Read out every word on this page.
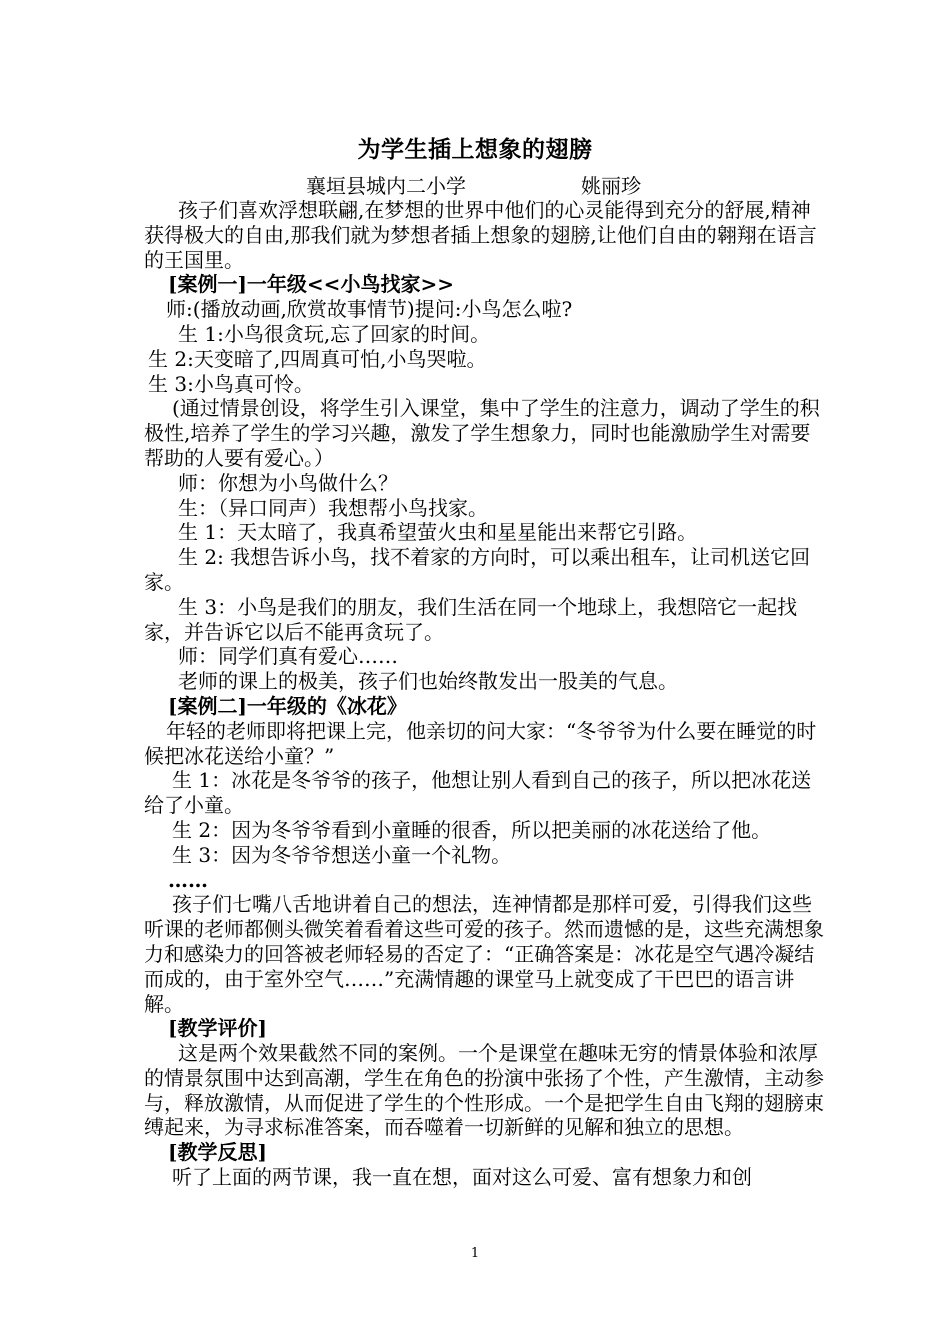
为学生插上想象的翅膀
襄垣县城内二小学	姚丽珍

孩子们喜欢浮想联翩,在梦想的世界中他们的心灵能得到充分的舒展,精神获得极大的自由,那我们就为梦想者插上想象的翅膀,让他们自由的翱翔在语言的王国里。

[案例一]一年级<<小鸟找家>>

师:(播放动画,欣赏故事情节)提问:小鸟怎么啦?

生 1:小鸟很贪玩,忘了回家的时间。

生 2:天变暗了,四周真可怕,小鸟哭啦。

生 3:小鸟真可怜。

(通过情景创设，将学生引入课堂，集中了学生的注意力，调动了学生的积极性,培养了学生的学习兴趣，激发了学生想象力，同时也能激励学生对需要帮助的人要有爱心。）

师：你想为小鸟做什么？

生：（异口同声）我想帮小鸟找家。

生 1：天太暗了，我真希望萤火虫和星星能出来帮它引路。

生 2: 我想告诉小鸟，找不着家的方向时，可以乘出租车，让司机送它回家。

生 3：小鸟是我们的朋友，我们生活在同一个地球上，我想陪它一起找家，并告诉它以后不能再贪玩了。

师：同学们真有爱心……

老师的课上的极美，孩子们也始终散发出一股美的气息。

[案例二]一年级的《冰花》

年轻的老师即将把课上完，他亲切的问大家：“冬爷爷为什么要在睡觉的时候把冰花送给小童？”

生 1：冰花是冬爷爷的孩子，他想让别人看到自己的孩子，所以把冰花送给了小童。

生 2：因为冬爷爷看到小童睡的很香，所以把美丽的冰花送给了他。

生 3：因为冬爷爷想送小童一个礼物。

……

孩子们七嘴八舌地讲着自己的想法，连神情都是那样可爱，引得我们这些听课的老师都侧头微笑着看着这些可爱的孩子。然而遗憾的是，这些充满想象力和感染力的回答被老师轻易的否定了：“正确答案是：冰花是空气遇冷凝结而成的，由于室外空气……”充满情趣的课堂马上就变成了干巴巴的语言讲解。

[教学评价]

这是两个效果截然不同的案例。一个是课堂在趣味无穷的情景体验和浓厚的情景氛围中达到高潮，学生在角色的扮演中张扬了个性，产生激情，主动参与，释放激情，从而促进了学生的个性形成。一个是把学生自由飞翔的翅膀束缚起来，为寻求标准答案，而吞噬着一切新鲜的见解和独立的思想。

[教学反思]

听了上面的两节课，我一直在想，面对这么可爱、富有想象力和创

1
